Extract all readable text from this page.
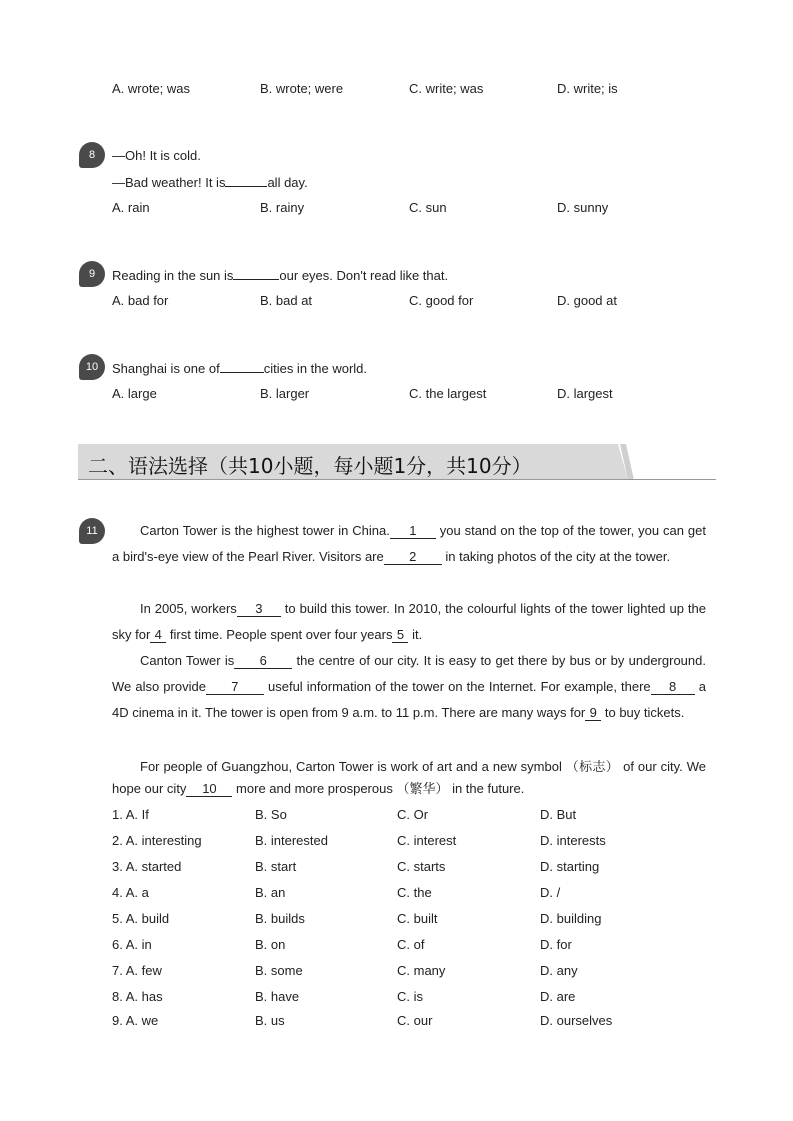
A. wrote; was	B. wrote; were	C. write; was	D. write; is
8	—Oh! It is cold.
—Bad weather! It is	all day.
A. rain	B. rainy	C. sun	D. sunny
9	Reading in the sun is	our eyes. Don't read like that.
A. bad for	B. bad at	C. good for	D. good at
10	Shanghai is one of	cities in the world.
A. large	B. larger	C. the largest	D. largest
二、语法选择（共10小题，每小题1分，共10分）
11	Carton Tower is the highest tower in China. 1 you stand on the top of the tower, you can get a bird's-eye view of the Pearl River. Visitors are 2 in taking photos of the city at the tower.
In 2005, workers 3 to build this tower. In 2010, the colourful lights of the tower lighted up the sky for 4 first time. People spent over four years 5 it.
Canton Tower is 6 the centre of our city. It is easy to get there by bus or by underground. We also provide 7 useful information of the tower on the Internet. For example, there 8 a 4D cinema in it. The tower is open from 9 a.m. to 11 p.m. There are many ways for 9 to buy tickets.
For people of Guangzhou, Carton Tower is work of art and a new symbol （标志） of our city. We hope our city 10 more and more prosperous （繁华） in the future.
1. A. If	B. So	C. Or	D. But
2. A. interesting	B. interested	C. interest	D. interests
3. A. started	B. start	C. starts	D. starting
4. A. a	B. an	C. the	D. /
5. A. build	B. builds	C. built	D. building
6. A. in	B. on	C. of	D. for
7. A. few	B. some	C. many	D. any
8. A. has	B. have	C. is	D. are
9. A. we	B. us	C. our	D. ourselves
